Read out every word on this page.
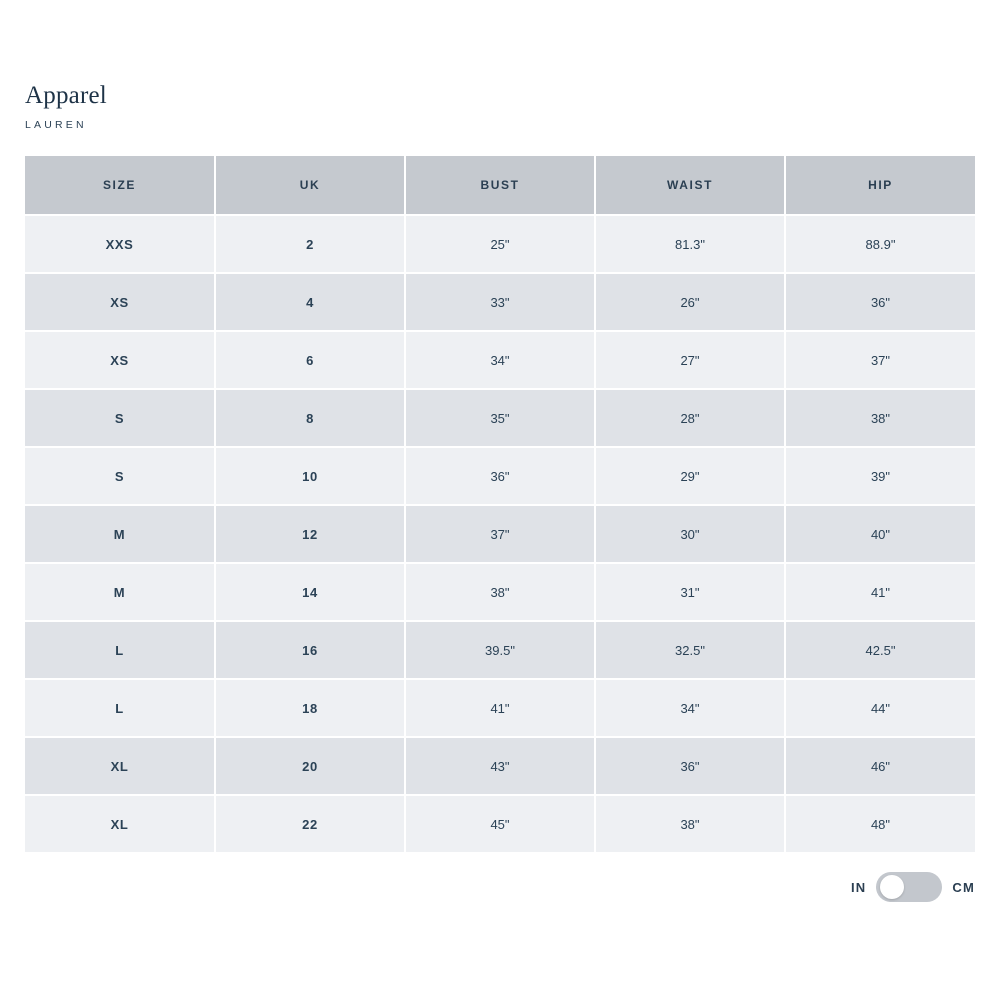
Apparel
LAUREN
SIZE	UK	BUST	WAIST	HIP
XXS	2	25"	81.3"	88.9"
XS	4	33"	26"	36"
XS	6	34"	27"	37"
S	8	35"	28"	38"
S	10	36"	29"	39"
M	12	37"	30"	40"
M	14	38"	31"	41"
L	16	39.5"	32.5"	42.5"
L	18	41"	34"	44"
XL	20	43"	36"	46"
XL	22	45"	38"	48"
IN	CM
